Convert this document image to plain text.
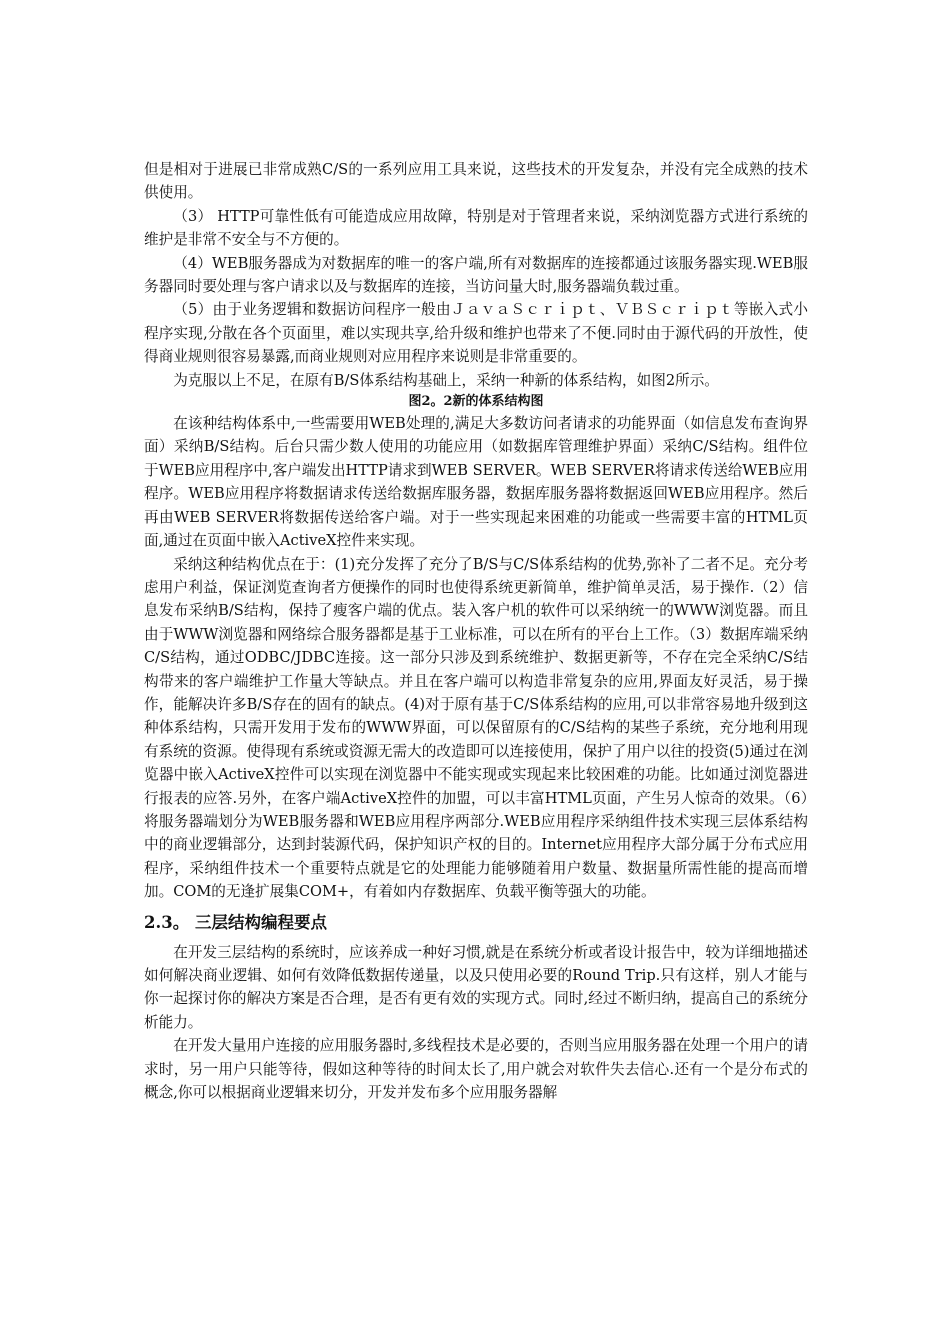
但是相对于进展已非常成熟C/S的一系列应用工具来说，这些技术的开发复杂，并没有完全成熟的技术供使用。

（3） HTTP可靠性低有可能造成应用故障，特别是对于管理者来说，采纳浏览器方式进行系统的维护是非常不安全与不方便的。

（4）WEB服务器成为对数据库的唯一的客户端,所有对数据库的连接都通过该服务器实现.WEB服务器同时要处理与客户请求以及与数据库的连接，当访问量大时,服务器端负载过重。

（5）由于业务逻辑和数据访问程序一般由ＪａｖａＳｃｒｉｐｔ、ＶＢＳｃｒｉｐｔ等嵌入式小程序实现,分散在各个页面里，难以实现共享,给升级和维护也带来了不便.同时由于源代码的开放性，使得商业规则很容易暴露,而商业规则对应用程序来说则是非常重要的。

为克服以上不足，在原有B/S体系结构基础上，采纳一种新的体系结构，如图2所示。

图2。2新的体系结构图

在该种结构体系中,一些需要用WEB处理的,满足大多数访问者请求的功能界面（如信息发布查询界面）采纳B/S结构。后台只需少数人使用的功能应用（如数据库管理维护界面）采纳C/S结构。组件位于WEB应用程序中,客户端发出HTTP请求到WEB SERVER。WEB SERVER将请求传送给WEB应用程序。WEB应用程序将数据请求传送给数据库服务器，数据库服务器将数据返回WEB应用程序。然后再由WEB SERVER将数据传送给客户端。对于一些实现起来困难的功能或一些需要丰富的HTML页面,通过在页面中嵌入ActiveX控件来实现。

采纳这种结构优点在于：(1)充分发挥了充分了B/S与C/S体系结构的优势,弥补了二者不足。充分考虑用户利益，保证浏览查询者方便操作的同时也使得系统更新简单，维护简单灵活，易于操作.（2）信息发布采纳B/S结构，保持了瘦客户端的优点。装入客户机的软件可以采纳统一的WWW浏览器。而且由于WWW浏览器和网络综合服务器都是基于工业标准，可以在所有的平台上工作。（3）数据库端采纳C/S结构，通过ODBC/JDBC连接。这一部分只涉及到系统维护、数据更新等，不存在完全采纳C/S结构带来的客户端维护工作量大等缺点。并且在客户端可以构造非常复杂的应用,界面友好灵活，易于操作，能解决许多B/S存在的固有的缺点。(4)对于原有基于C/S体系结构的应用,可以非常容易地升级到这种体系结构，只需开发用于发布的WWW界面，可以保留原有的C/S结构的某些子系统，充分地利用现有系统的资源。使得现有系统或资源无需大的改造即可以连接使用，保护了用户以往的投资(5)通过在浏览器中嵌入ActiveX控件可以实现在浏览器中不能实现或实现起来比较困难的功能。比如通过浏览器进行报表的应答.另外，在客户端ActiveX控件的加盟，可以丰富HTML页面，产生另人惊奇的效果。（6）将服务器端划分为WEB服务器和WEB应用程序两部分.WEB应用程序采纳组件技术实现三层体系结构中的商业逻辑部分，达到封装源代码，保护知识产权的目的。Internet应用程序大部分属于分布式应用程序，采纳组件技术一个重要特点就是它的处理能力能够随着用户数量、数据量所需性能的提高而增加。COM的无逢扩展集COM+，有着如内存数据库、负载平衡等强大的功能。

2.3。 三层结构编程要点

在开发三层结构的系统时，应该养成一种好习惯,就是在系统分析或者设计报告中，较为详细地描述如何解决商业逻辑、如何有效降低数据传递量，以及只使用必要的Round Trip.只有这样，别人才能与你一起探讨你的解决方案是否合理，是否有更有效的实现方式。同时,经过不断归纳，提高自己的系统分析能力。

在开发大量用户连接的应用服务器时,多线程技术是必要的，否则当应用服务器在处理一个用户的请求时，另一用户只能等待，假如这种等待的时间太长了,用户就会对软件失去信心.还有一个是分布式的概念,你可以根据商业逻辑来切分，开发并发布多个应用服务器解
